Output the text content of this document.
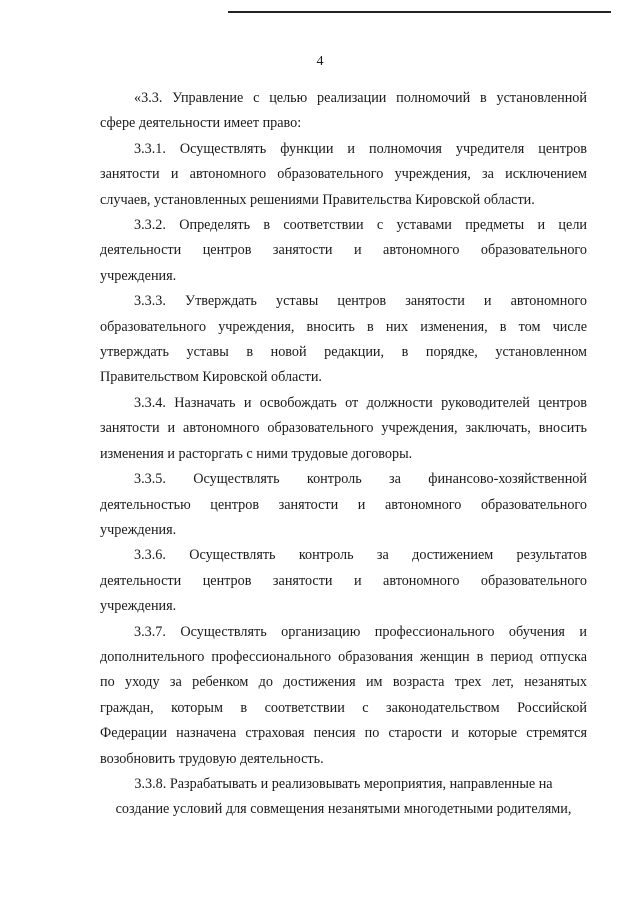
4

«3.3. Управление с целью реализации полномочий в установленной
сфере деятельности имеет право:

3.3.1. Осуществлять функции и полномочия учредителя центров
занятости и автономного образовательного учреждения, за исключением
случаев, установленных решениями Правительства Кировской области.

3.3.2. Определять в соответствии с уставами предметы и цели
деятельности центров занятости и автономного образовательного
учреждения.

3.3.3. Утверждать уставы центров занятости и автономного
образовательного учреждения, вносить в них изменения, в том числе
утверждать уставы в новой редакции, в порядке, установленном
Правительством Кировской области.

3.3.4. Назначать и освобождать от должности руководителей центров
занятости и автономного образовательного учреждения, заключать, вносить
изменения и расторгать с ними трудовые договоры.

3.3.5. Осуществлять контроль за финансово-хозяйственной
деятельностью центров занятости и автономного образовательного
учреждения.

3.3.6. Осуществлять контроль за достижением результатов
деятельности центров занятости и автономного образовательного
учреждения.

3.3.7. Осуществлять организацию профессионального обучения и
дополнительного профессионального образования женщин в период отпуска
по уходу за ребенком до достижения им возраста трех лет, незанятых
граждан, которым в соответствии с законодательством Российской
Федерации назначена страховая пенсия по старости и которые стремятся
возобновить трудовую деятельность.

3.3.8. Разрабатывать и реализовывать мероприятия, направленные на
создание условий для совмещения незанятыми многодетными родителями,
